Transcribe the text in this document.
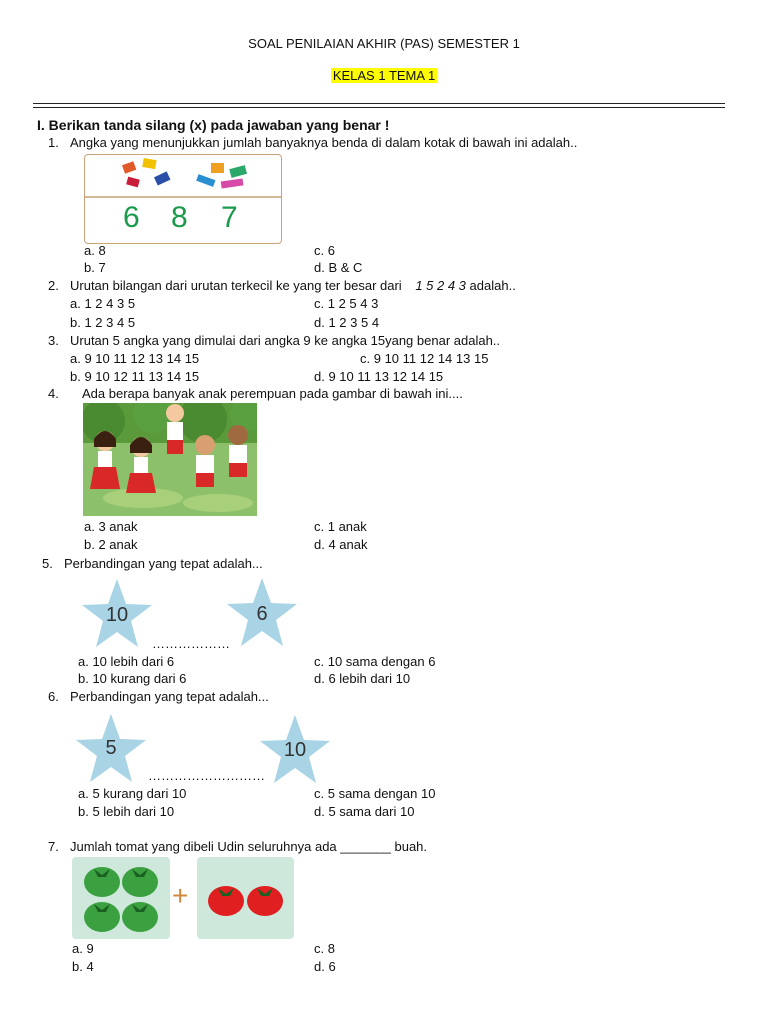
SOAL PENILAIAN AKHIR (PAS) SEMESTER 1
KELAS 1 TEMA 1
I. Berikan tanda silang (x) pada jawaban yang benar !
1. Angka yang menunjukkan jumlah banyaknya benda di dalam kotak di bawah ini adalah..
6 8 7
a. 8
b. 7
c. 6
d. B & C
2. Urutan bilangan dari urutan terkecil ke yang ter besar dari 1 5 2 4 3 adalah..
a. 1 2 4 3 5
b. 1 2 3 4 5
c. 1 2 5 4 3
d. 1 2 3 5 4
3. Urutan 5 angka yang dimulai dari angka 9 ke angka 15yang benar adalah..
a. 9 10 11 12 13 14 15
b. 9 10 12 11 13 14 15
c. 9 10 11 12 14 13 15
d. 9 10 11 13 12 14 15
4. Ada berapa banyak anak perempuan pada gambar di bawah ini....
a. 3 anak
b. 2 anak
c. 1 anak
d. 4 anak
5. Perbandingan yang tepat adalah...
10	6
………………
a. 10 lebih dari 6
b. 10 kurang dari 6
c. 10 sama dengan 6
d. 6 lebih dari 10
6. Perbandingan yang tepat adalah...
5	10
………………………
a. 5 kurang dari 10
b. 5 lebih dari 10
c. 5 sama dengan 10
d. 5 sama dari 10
7. Jumlah tomat yang dibeli Udin seluruhnya ada _______ buah.
+
a. 9
b. 4
c. 8
d. 6
